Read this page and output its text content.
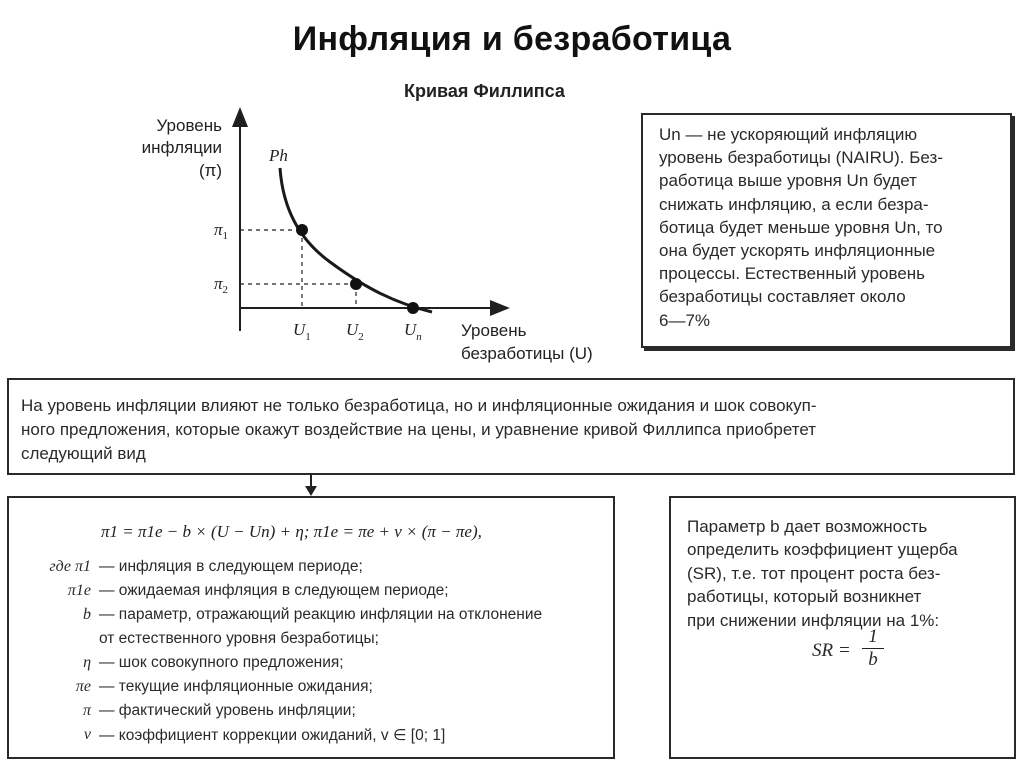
Инфляция и безработица
Кривая Филлипса
Ph
Уровень
инфляции
(π)
Уровень
безработицы (U)
$\pi_1$
$\pi_2$
$U_1$ $U_2$ $U_n$
Un — не ускоряющий инфляцию
уровень безработицы (NAIRU). Без-
работица выше уровня Un будет
снижать инфляцию, а если безра-
ботица будет меньше уровня Un, то
она будет ускорять инфляционные
процессы. Естественный уровень
безработицы составляет около
6—7%
На уровень инфляции влияют не только безработица, но и инфляционные ожидания и шок совокуп-
ного предложения, которые окажут воздействие на цены, и уравнение кривой Филлипса приобретет
следующий вид
π1 = π1e − b × (U − Un) + η; π1e = πe + v × (π − πe),
где π1 — инфляция в следующем периоде;
π1e — ожидаемая инфляция в следующем периоде;
b — параметр, отражающий реакцию инфляции на отклонение
от естественного уровня безработицы;
η — шок совокупного предложения;
πe — текущие инфляционные ожидания;
π — фактический уровень инфляции;
v — коэффициент коррекции ожиданий, v ∈ [0; 1]
Параметр b дает возможность
определить коэффициент ущерба
(SR), т.е. тот процент роста без-
работицы, который возникнет
при снижении инфляции на 1%:
SR = $\frac{1}{b}$
